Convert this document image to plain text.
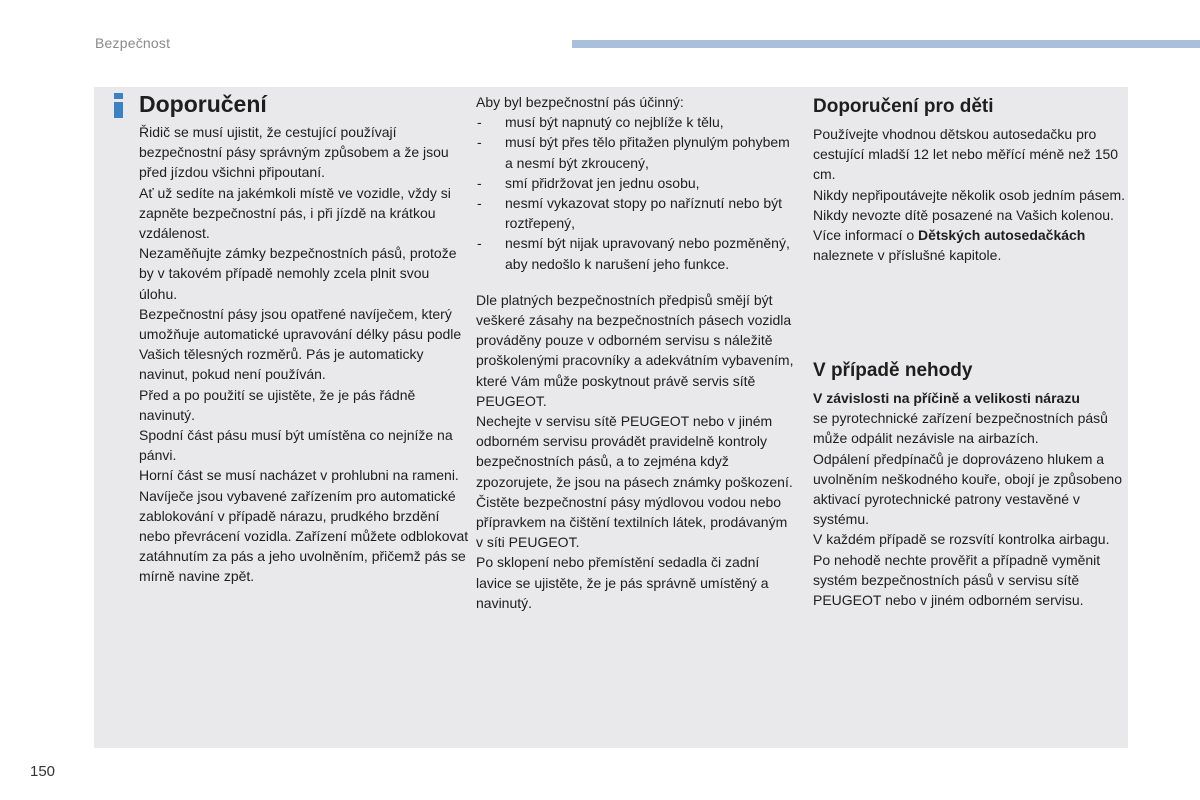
Bezpečnost
Doporučení

Řidič se musí ujistit, že cestující používají bezpečnostní pásy správným způsobem a že jsou před jízdou všichni připoutaní.

Ať už sedíte na jakémkoli místě ve vozidle, vždy si zapněte bezpečnostní pás, i při jízdě na krátkou vzdálenost.

Nezaměňujte zámky bezpečnostních pásů, protože by v takovém případě nemohly zcela plnit svou úlohu.

Bezpečnostní pásy jsou opatřené navíječem, který umožňuje automatické upravování délky pásu podle Vašich tělesných rozměrů. Pás je automaticky navinut, pokud není používán.

Před a po použití se ujistěte, že je pás řádně navinutý.

Spodní část pásu musí být umístěna co nejníže na pánvi.

Horní část se musí nacházet v prohlubni na rameni.

Navíječe jsou vybavené zařízením pro automatické zablokování v případě nárazu, prudkého brzdění nebo převrácení vozidla. Zařízení můžete odblokovat zatáhnutím za pás a jeho uvolněním, přičemž pás se mírně navine zpět.

Aby byl bezpečnostní pás účinný:

- musí být napnutý co nejblíže k tělu,
- musí být přes tělo přitažen plynulým pohybem a nesmí být zkroucený,
- smí přidržovat jen jednu osobu,
- nesmí vykazovat stopy po naříznutí nebo být roztřepený,
- nesmí být nijak upravovaný nebo pozměněný, aby nedošlo k narušení jeho funkce.

Dle platných bezpečnostních předpisů smějí být veškeré zásahy na bezpečnostních pásech vozidla prováděny pouze v odborném servisu s náležitě proškolenými pracovníky a adekvátním vybavením, které Vám může poskytnout právě servis sítě PEUGEOT.

Nechejte v servisu sítě PEUGEOT nebo v jiném odborném servisu provádět pravidelně kontroly bezpečnostních pásů, a to zejména když zpozorujete, že jsou na pásech známky poškození.

Čistěte bezpečnostní pásy mýdlovou vodou nebo přípravkem na čištění textilních látek, prodávaným v síti PEUGEOT.

Po sklopení nebo přemístění sedadla či zadní lavice se ujistěte, že je pás správně umístěný a navinutý.

Doporučení pro děti

Používejte vhodnou dětskou autosedačku pro cestující mladší 12 let nebo měřící méně než 150 cm.

Nikdy nepřipoutávejte několik osob jedním pásem.

Nikdy nevozte dítě posazené na Vašich kolenou.

Více informací o Dětských autosedačkách naleznete v příslušné kapitole.

V případě nehody

V závislosti na příčině a velikosti nárazu

se pyrotechnické zařízení bezpečnostních pásů může odpálit nezávisle na airbazích.

Odpálení předpínačů je doprovázeno hlukem a uvolněním neškodného kouře, obojí je způsobeno aktivací pyrotechnické patrony vestavěné v systému.

V každém případě se rozsvítí kontrolka airbagu.

Po nehodě nechte prověřit a případně vyměnit systém bezpečnostních pásů v servisu sítě PEUGEOT nebo v jiném odborném servisu.

150
